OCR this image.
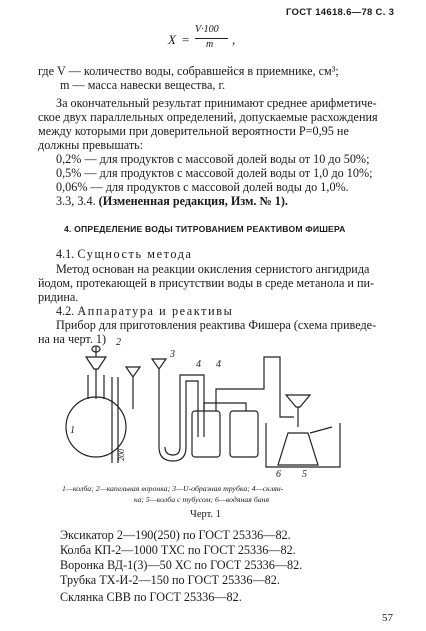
ГОСТ 14618.6—78 С. 3
X =
V·100
m ,
где V — количество воды, собравшейся в приемнике, см³;
m — масса навески вещества, г.
За окончательный результат принимают среднее арифметиче-
ское двух параллельных определений, допускаемые расхождения
между которыми при доверительной вероятности P=0,95 не
должны превышать:
0,2% — для продуктов с массовой долей воды от 10 до 50%;
0,5% — для продуктов с массовой долей воды от 1,0 до 10%;
0,06% — для продуктов с массовой долей воды до 1,0%.
3.3, 3.4. (Измененная редакция, Изм. № 1).
4. ОПРЕДЕЛЕНИЕ ВОДЫ ТИТРОВАНИЕМ РЕАКТИВОМ ФИШЕРА
4.1. Сущность метода
Метод основан на реакции окисления сернистого ангидрида
йодом, протекающей в присутствии воды в среде метанола и пи-
ридина.
4.2. Аппаратура и реактивы
Прибор для приготовления реактива Фишера (схема приведе-
на на черт. 1)
1
2
3
4 4
5
6
200
1—колба; 2—капельная воронка; 3—U-образная трубка; 4—склян-
ка; 5—колба с тубусом; 6—водяная баня
Черт. 1
Эксикатор 2—190(250) по ГОСТ 25336—82.
Колба КП-2—1000 ТХС по ГОСТ 25336—82.
Воронка ВД-1(3)—50 ХС по ГОСТ 25336—82.
Трубка ТХ-И-2—150 по ГОСТ 25336—82.
Склянка СВВ по ГОСТ 25336—82.
57
